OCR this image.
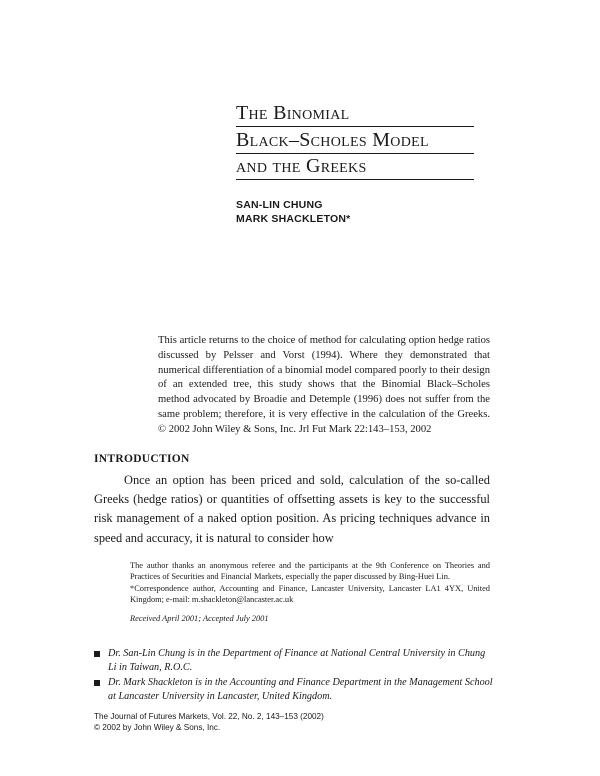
The Binomial
Black–Scholes Model
and the Greeks
SAN-LIN CHUNG
MARK SHACKLETON*

This article returns to the choice of method for calculating option hedge ratios discussed by Pelsser and Vorst (1994). Where they demonstrated that numerical differentiation of a binomial model compared poorly to their design of an extended tree, this study shows that the Binomial Black–Scholes method advocated by Broadie and Detemple (1996) does not suffer from the same problem; therefore, it is very effective in the calculation of the Greeks. © 2002 John Wiley & Sons, Inc. Jrl Fut Mark 22:143–153, 2002

INTRODUCTION

Once an option has been priced and sold, calculation of the so-called Greeks (hedge ratios) or quantities of offsetting assets is key to the successful risk management of a naked option position. As pricing techniques advance in speed and accuracy, it is natural to consider how

The author thanks an anonymous referee and the participants at the 9th Conference on Theories and Practices of Securities and Financial Markets, especially the paper discussed by Bing-Huei Lin.

*Correspondence author, Accounting and Finance, Lancaster University, Lancaster LA1 4YX, United Kingdom; e-mail: m.shackleton@lancaster.ac.uk

Received April 2001; Accepted July 2001
Dr. San-Lin Chung is in the Department of Finance at National Central University in Chung Li in Taiwan, R.O.C.
Dr. Mark Shackleton is in the Accounting and Finance Department in the Management School at Lancaster University in Lancaster, United Kingdom.
The Journal of Futures Markets, Vol. 22, No. 2, 143–153 (2002)
© 2002 by John Wiley & Sons, Inc.
